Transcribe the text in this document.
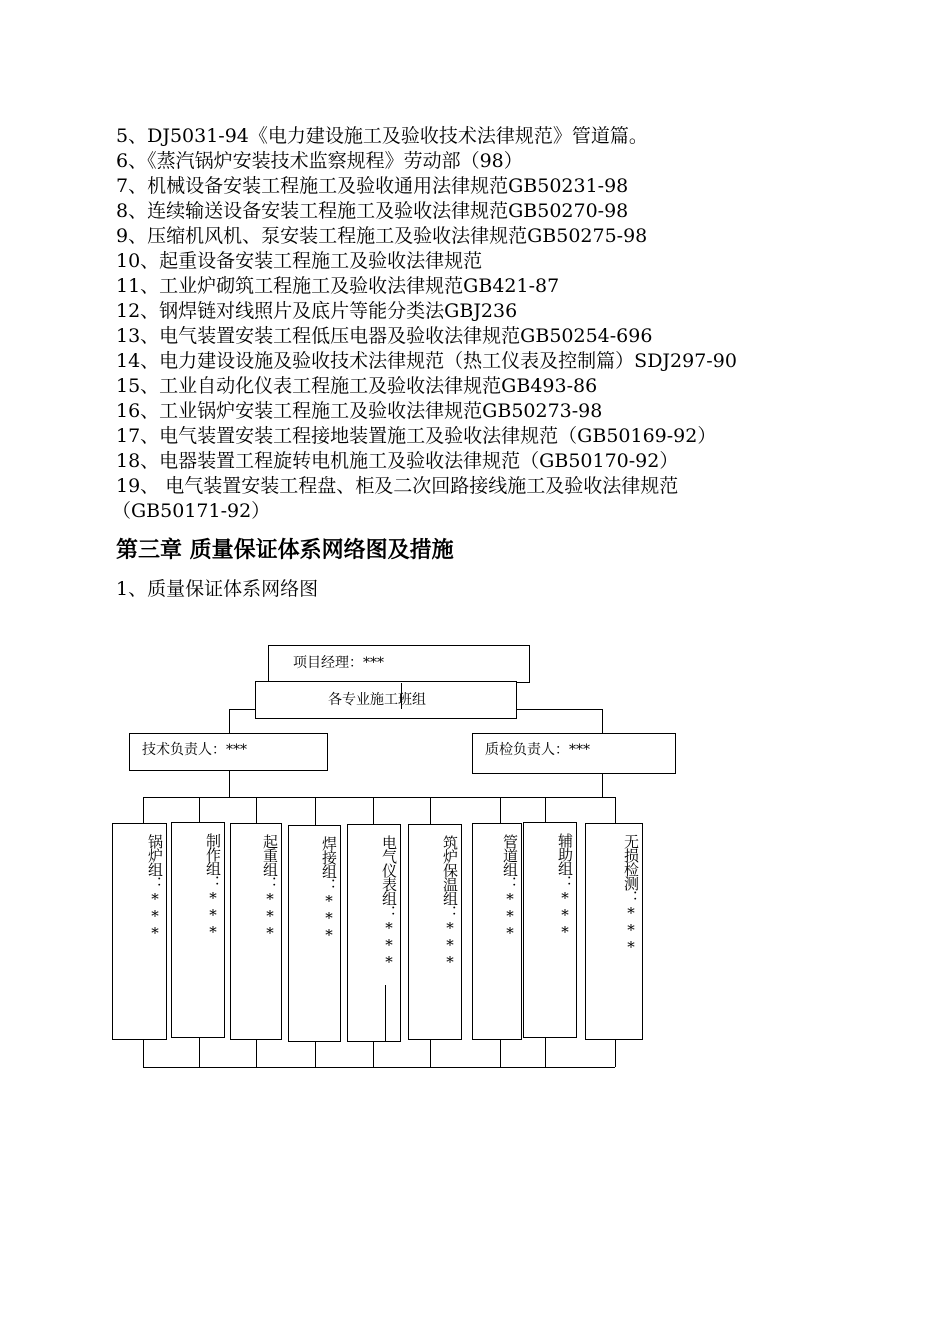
5、DJ5031-94《电力建设施工及验收技术法律规范》管道篇。
6、《蒸汽锅炉安装技术监察规程》劳动部（98）
7、机械设备安装工程施工及验收通用法律规范GB50231-98
8、连续输送设备安装工程施工及验收法律规范GB50270-98
9、压缩机风机、泵安装工程施工及验收法律规范GB50275-98
10、起重设备安装工程施工及验收法律规范
11、工业炉砌筑工程施工及验收法律规范GB421-87
12、钢焊链对线照片及底片等能分类法GBJ236
13、电气装置安装工程低压电器及验收法律规范GB50254-696
14、电力建设设施及验收技术法律规范（热工仪表及控制篇）SDJ297-90
15、工业自动化仪表工程施工及验收法律规范GB493-86
16、工业锅炉安装工程施工及验收法律规范GB50273-98
17、电气装置安装工程接地装置施工及验收法律规范（GB50169-92）
18、电器装置工程旋转电机施工及验收法律规范（GB50170-92）
19、 电气装置安装工程盘、柜及二次回路接线施工及验收法律规范
（GB50171-92）
第三章 质量保证体系网络图及措施
1、质量保证体系网络图
项目经理：***
各专业施工班组
技术负责人：***	质检负责人：***
锅炉组：***	制作组：***	起重组：***	焊接组：***	电气仪表组：***	筑炉保温组：***	管道组：***	辅助组：***	无损检测：***
